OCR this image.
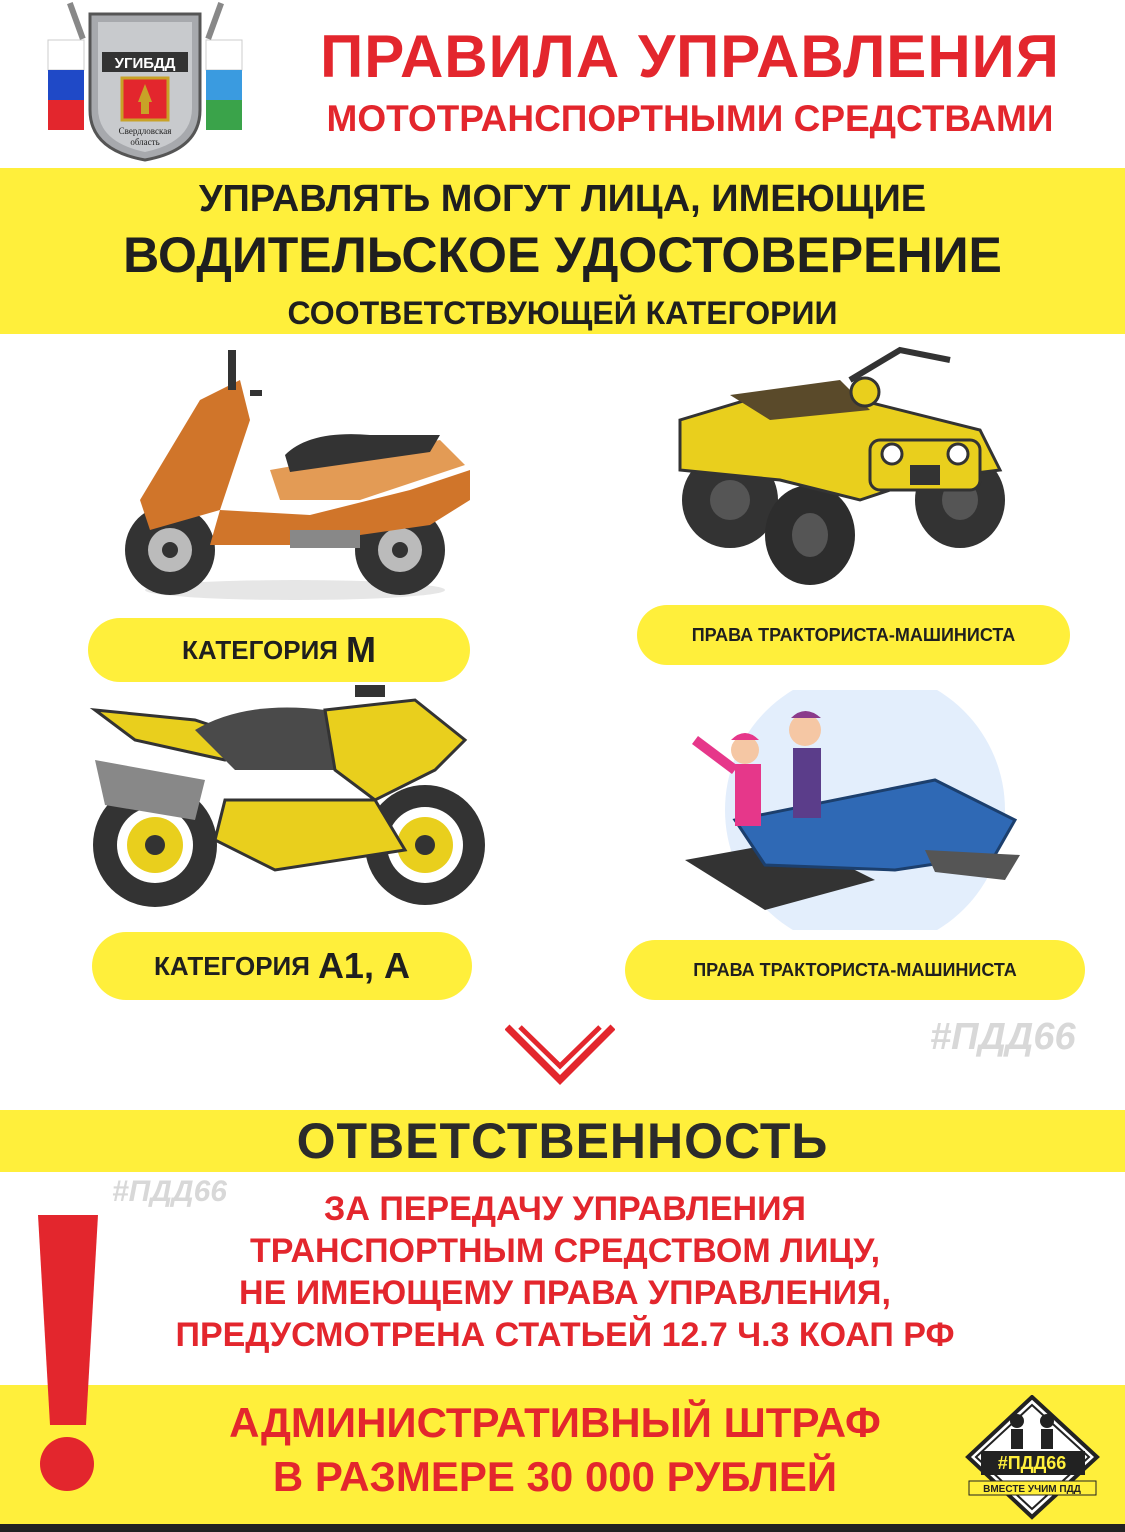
УГИБДД
Свердловская
область
ПРАВИЛА УПРАВЛЕНИЯ
МОТОТРАНСПОРТНЫМИ СРЕДСТВАМИ
УПРАВЛЯТЬ МОГУТ ЛИЦА, ИМЕЮЩИЕ
ВОДИТЕЛЬСКОЕ УДОСТОВЕРЕНИЕ
СООТВЕТСТВУЮЩЕЙ КАТЕГОРИИ
КАТЕГОРИЯ М	ПРАВА ТРАКТОРИСТА-МАШИНИСТА
КАТЕГОРИЯ А1, А	ПРАВА ТРАКТОРИСТА-МАШИНИСТА
#ПДД66
#ПДД66
ОТВЕТСТВЕННОСТЬ
ЗА ПЕРЕДАЧУ УПРАВЛЕНИЯ
ТРАНСПОРТНЫМ СРЕДСТВОМ ЛИЦУ,
НЕ ИМЕЮЩЕМУ ПРАВА УПРАВЛЕНИЯ,
ПРЕДУСМОТРЕНА СТАТЬЕЙ 12.7 Ч.3 КОАП РФ
АДМИНИСТРАТИВНЫЙ ШТРАФ
В РАЗМЕРЕ 30 000 РУБЛЕЙ	#ПДД66
ВМЕСТЕ УЧИМ ПДД
